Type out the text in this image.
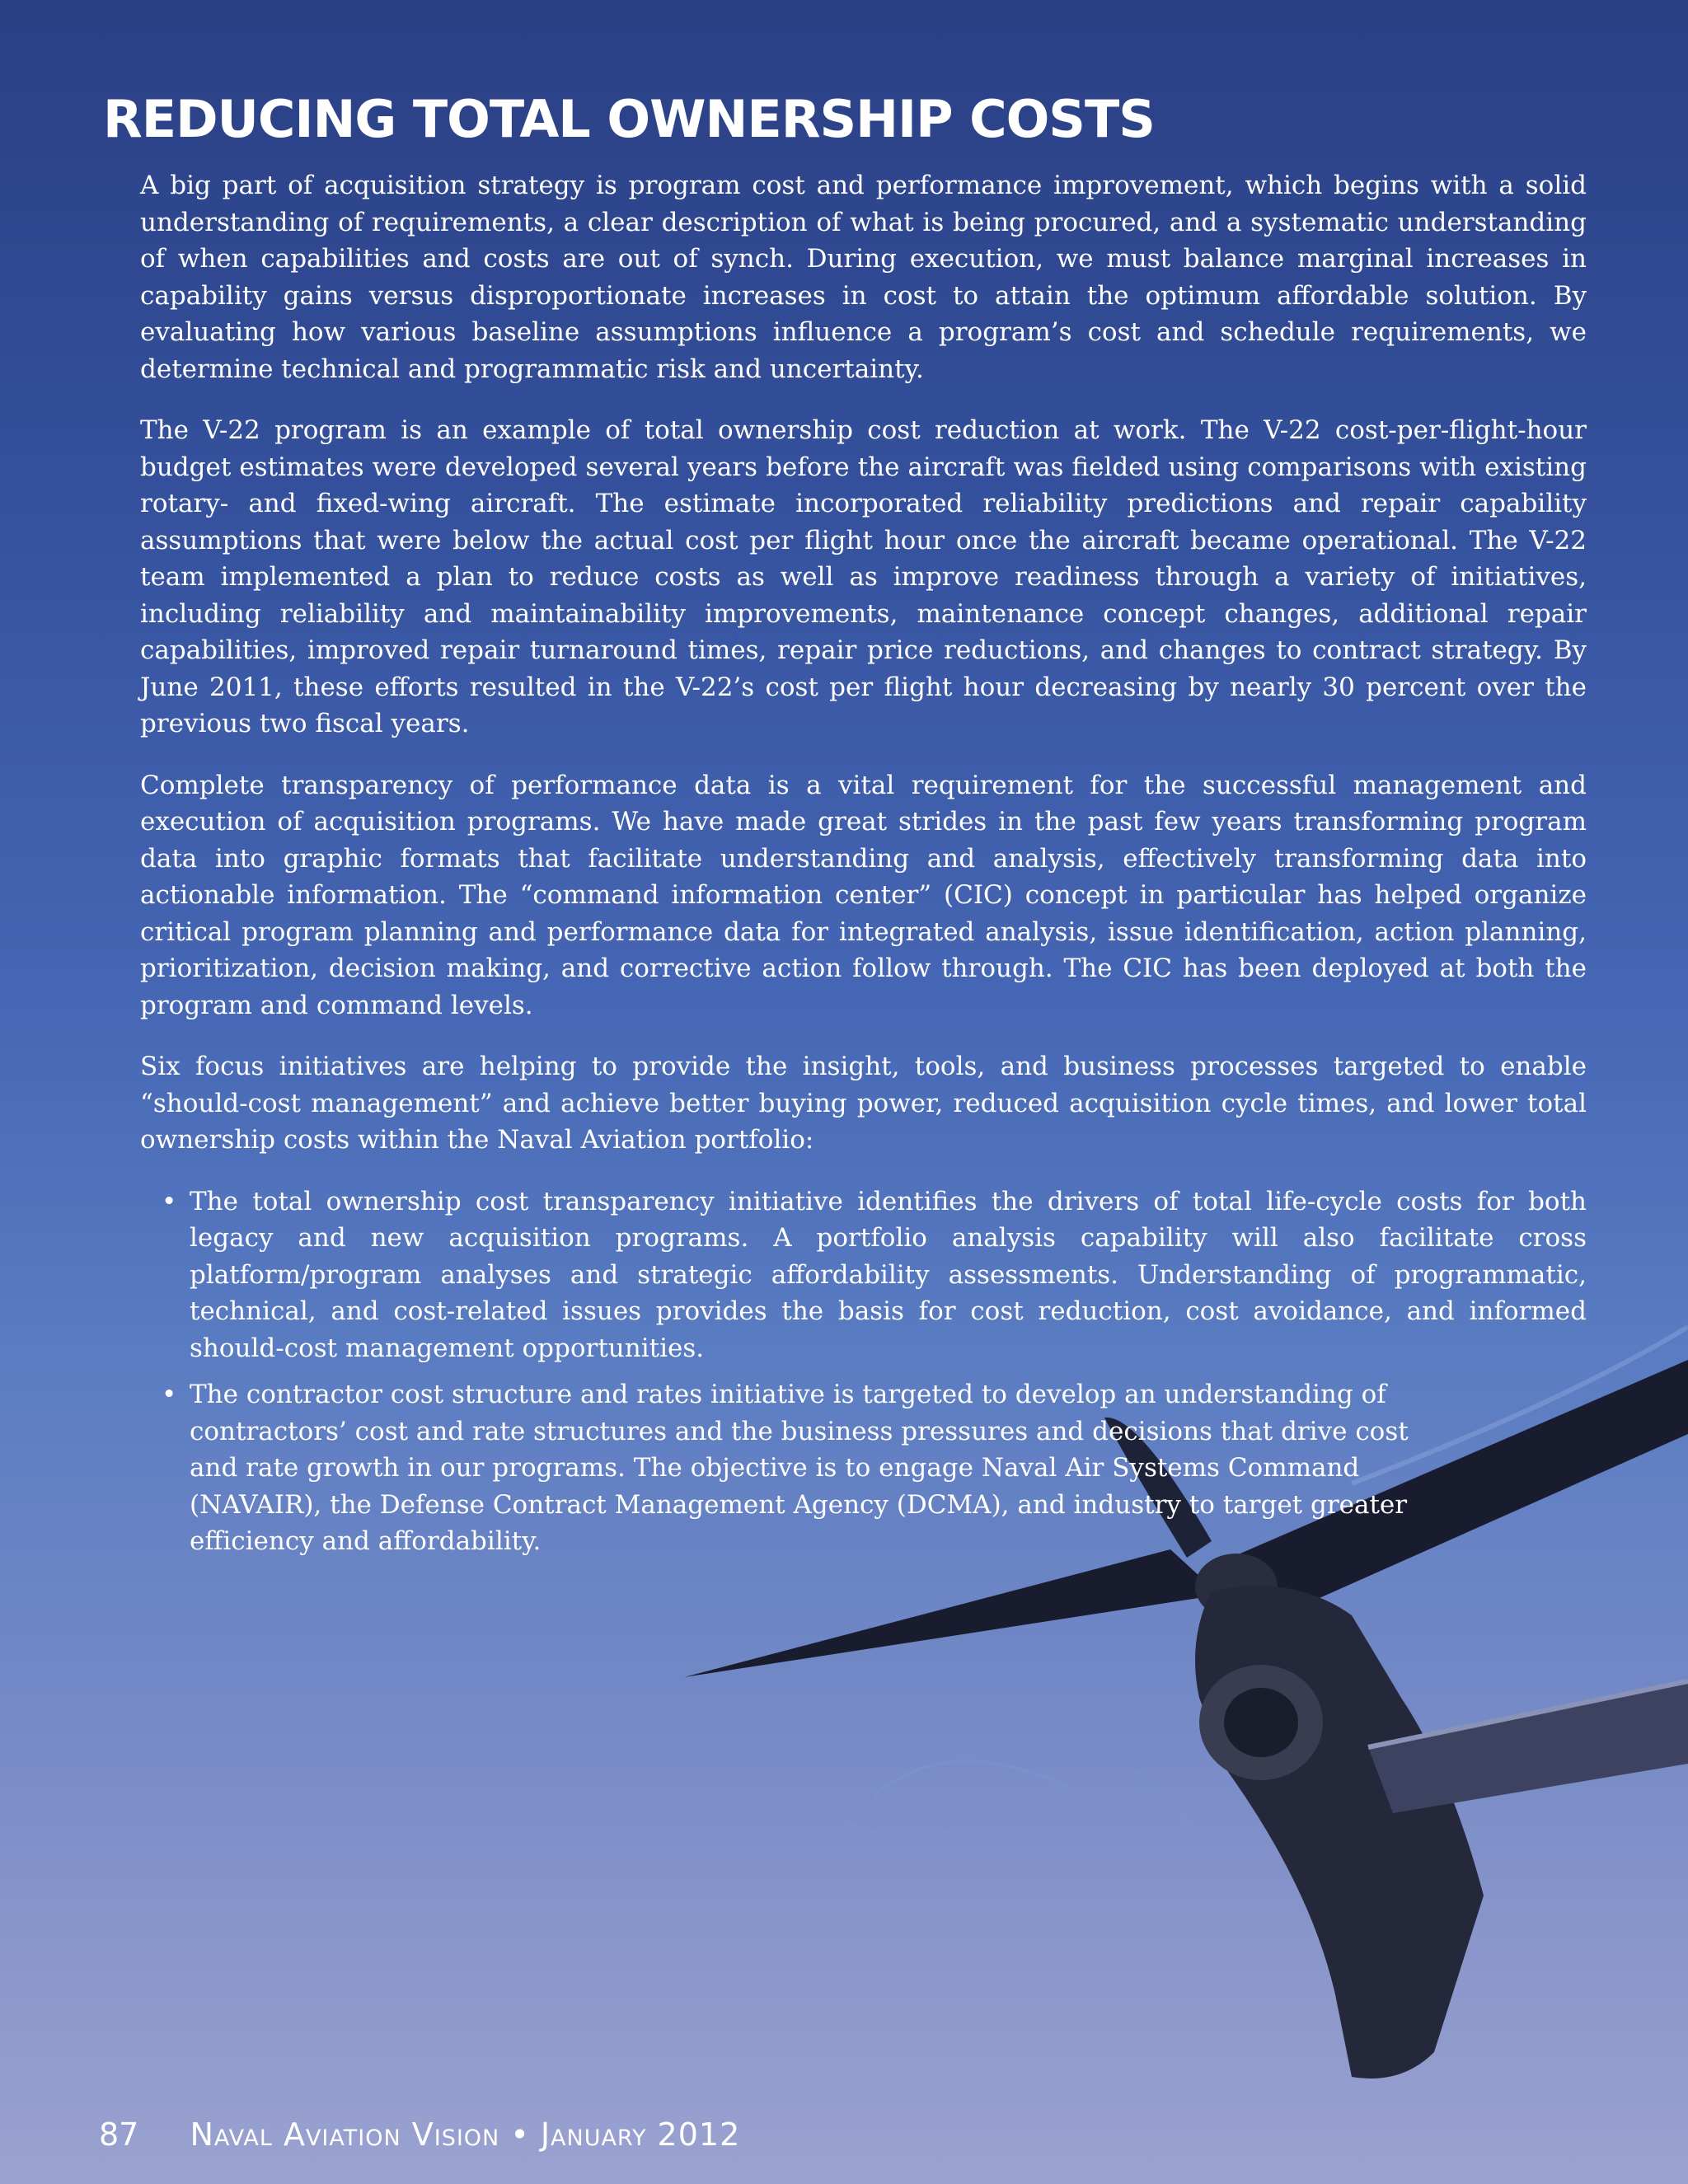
REDUCING TOTAL OWNERSHIP COSTS

A big part of acquisition strategy is program cost and performance improvement, which begins with a solid understanding of requirements, a clear description of what is being procured, and a systematic understanding of when capabilities and costs are out of synch. During execution, we must balance marginal increases in capability gains versus disproportionate increases in cost to attain the optimum affordable solution. By evaluating how various baseline assumptions influence a program’s cost and schedule requirements, we determine technical and programmatic risk and uncertainty.

The V-22 program is an example of total ownership cost reduction at work. The V-22 cost-per-flight-hour budget estimates were developed several years before the aircraft was fielded using comparisons with existing rotary- and fixed-wing aircraft. The estimate incorporated reliability predictions and repair capability assumptions that were below the actual cost per flight hour once the aircraft became operational. The V-22 team implemented a plan to reduce costs as well as improve readiness through a variety of initiatives, including reliability and maintainability improvements, maintenance concept changes, additional repair capabilities, improved repair turnaround times, repair price reductions, and changes to contract strategy. By June 2011, these efforts resulted in the V-22’s cost per flight hour decreasing by nearly 30 percent over the previous two fiscal years.

Complete transparency of performance data is a vital requirement for the successful management and execution of acquisition programs. We have made great strides in the past few years transforming program data into graphic formats that facilitate understanding and analysis, effectively transforming data into actionable information. The “command information center” (CIC) concept in particular has helped organize critical program planning and performance data for integrated analysis, issue identification, action planning, prioritization, decision making, and corrective action follow through. The CIC has been deployed at both the program and command levels.

Six focus initiatives are helping to provide the insight, tools, and business processes targeted to enable “should-cost management” and achieve better buying power, reduced acquisition cycle times, and lower total ownership costs within the Naval Aviation portfolio:

• The total ownership cost transparency initiative identifies the drivers of total life-cycle costs for both legacy and new acquisition programs. A portfolio analysis capability will also facilitate cross platform/program analyses and strategic affordability assessments. Understanding of programmatic, technical, and cost-related issues provides the basis for cost reduction, cost avoidance, and informed should-cost management opportunities.
• The contractor cost structure and rates initiative is targeted to develop an understanding of contractors’ cost and rate structures and the business pressures and decisions that drive cost and rate growth in our programs. The objective is to engage Naval Air Systems Command (NAVAIR), the Defense Contract Management Agency (DCMA), and industry to target greater efficiency and affordability.
87 Naval Aviation Vision • January 2012
